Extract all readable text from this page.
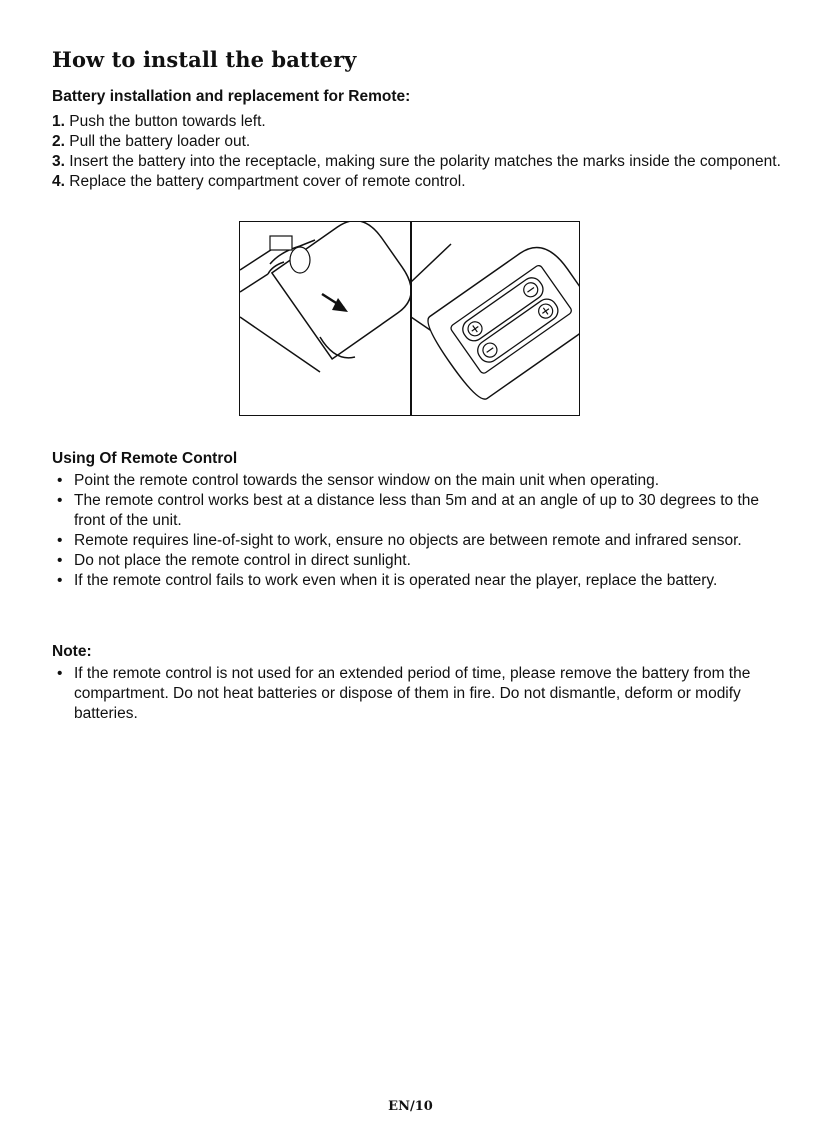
How to install the battery
Battery installation and replacement for Remote:
1. Push the button towards left.
2. Pull the battery loader out.
3. Insert the battery into the receptacle, making sure the polarity matches the marks inside the component.
4. Replace the battery compartment cover of remote control.
Using Of Remote Control
• Point the remote control towards the sensor window on the main unit when operating.
• The remote control works best at a distance less than 5m and at an angle of up to 30 degrees to the front of the unit.
• Remote requires line-of-sight to work, ensure no objects are between remote and infrared sensor.
• Do not place the remote control in direct sunlight.
• If the remote control fails to work even when it is operated near the player, replace the battery.
Note:
• If the remote control is not used for an extended period of time, please remove the battery from the compartment. Do not heat batteries or dispose of them in fire. Do not dismantle, deform or modify batteries.
EN/10
